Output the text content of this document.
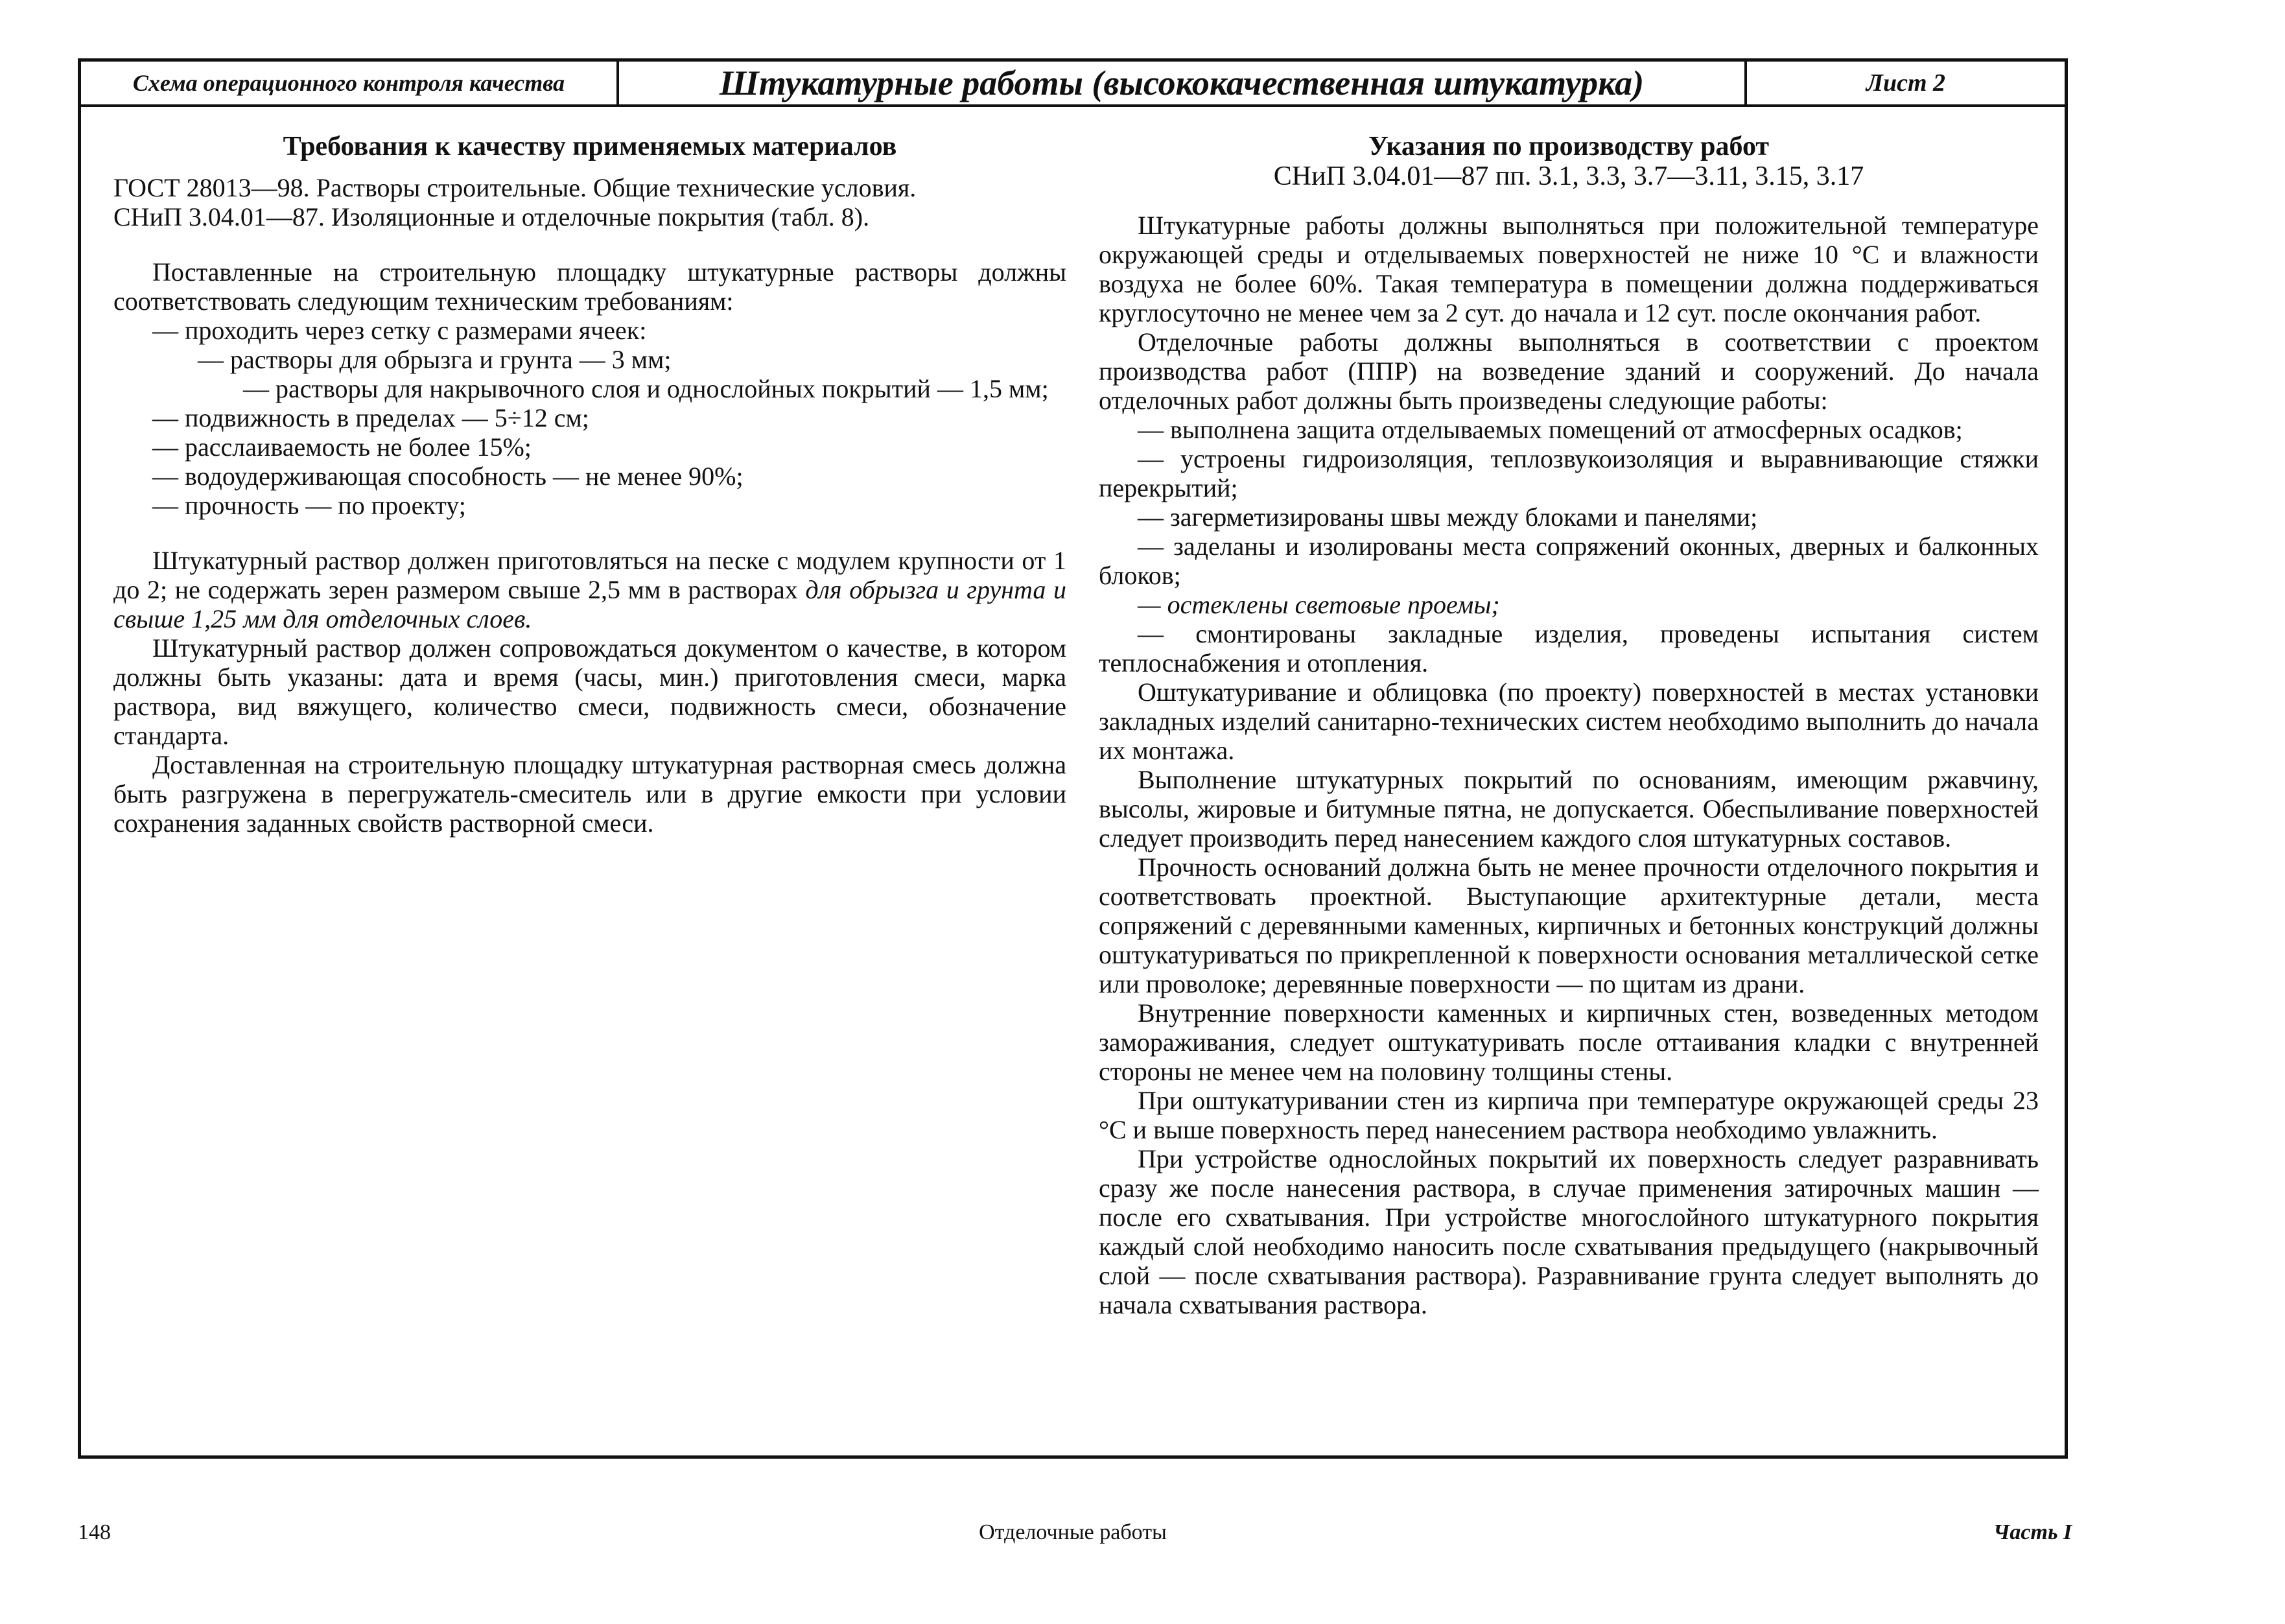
Схема операционного контроля качества	Штукатурные работы (высококачественная штукатурка)	Лист 2
Требования к качеству применяемых материалов

ГОСТ 28013—98. Растворы строительные. Общие технические условия.

СНиП 3.04.01—87. Изоляционные и отделочные покрытия (табл. 8).

Поставленные на строительную площадку штукатурные растворы должны соответствовать следующим техническим требованиям:

— проходить через сетку с размерами ячеек:

— растворы для обрызга и грунта — 3 мм;

— растворы для накрывочного слоя и однослойных покрытий — 1,5 мм;

— подвижность в пределах — 5÷12 см;

— расслаиваемость не более 15%;

— водоудерживающая способность — не менее 90%;

— прочность — по проекту;

Штукатурный раствор должен приготовляться на песке с модулем крупности от 1 до 2; не содержать зерен размером свыше 2,5 мм в растворах для обрызга и грунта и свыше 1,25 мм для отделочных слоев.

Штукатурный раствор должен сопровождаться документом о качестве, в котором должны быть указаны: дата и время (часы, мин.) приготовления смеси, марка раствора, вид вяжущего, количество смеси, подвижность смеси, обозначение стандарта.

Доставленная на строительную площадку штукатурная растворная смесь должна быть разгружена в перегружатель-смеситель или в другие емкости при условии сохранения заданных свойств растворной смеси.

Указания по производству работ
СНиП 3.04.01—87 пп. 3.1, 3.3, 3.7—3.11, 3.15, 3.17

Штукатурные работы должны выполняться при положительной температуре окружающей среды и отделываемых поверхностей не ниже 10 °С и влажности воздуха не более 60%. Такая температура в помещении должна поддерживаться круглосуточно не менее чем за 2 сут. до начала и 12 сут. после окончания работ.

Отделочные работы должны выполняться в соответствии с проектом производства работ (ППР) на возведение зданий и сооружений. До начала отделочных работ должны быть произведены следующие работы:

— выполнена защита отделываемых помещений от атмосферных осадков;

— устроены гидроизоляция, теплозвукоизоляция и выравнивающие стяжки перекрытий;

— загерметизированы швы между блоками и панелями;

— заделаны и изолированы места сопряжений оконных, дверных и балконных блоков;

— остеклены световые проемы;

— смонтированы закладные изделия, проведены испытания систем теплоснабжения и отопления.

Оштукатуривание и облицовка (по проекту) поверхностей в местах установки закладных изделий санитарно-технических систем необходимо выполнить до начала их монтажа.

Выполнение штукатурных покрытий по основаниям, имеющим ржавчину, высолы, жировые и битумные пятна, не допускается. Обеспыливание поверхностей следует производить перед нанесением каждого слоя штукатурных составов.

Прочность оснований должна быть не менее прочности отделочного покрытия и соответствовать проектной. Выступающие архитектурные детали, места сопряжений с деревянными каменных, кирпичных и бетонных конструкций должны оштукатуриваться по прикрепленной к поверхности основания металлической сетке или проволоке; деревянные поверхности — по щитам из драни.

Внутренние поверхности каменных и кирпичных стен, возведенных методом замораживания, следует оштукатуривать после оттаивания кладки с внутренней стороны не менее чем на половину толщины стены.

При оштукатуривании стен из кирпича при температуре окружающей среды 23 °С и выше поверхность перед нанесением раствора необходимо увлажнить.

При устройстве однослойных покрытий их поверхность следует разравнивать сразу же после нанесения раствора, в случае применения затирочных машин — после его схватывания. При устройстве многослойного штукатурного покрытия каждый слой необходимо наносить после схватывания предыдущего (накрывочный слой — после схватывания раствора). Разравнивание грунта следует выполнять до начала схватывания раствора.

148	Отделочные работы	Часть I
